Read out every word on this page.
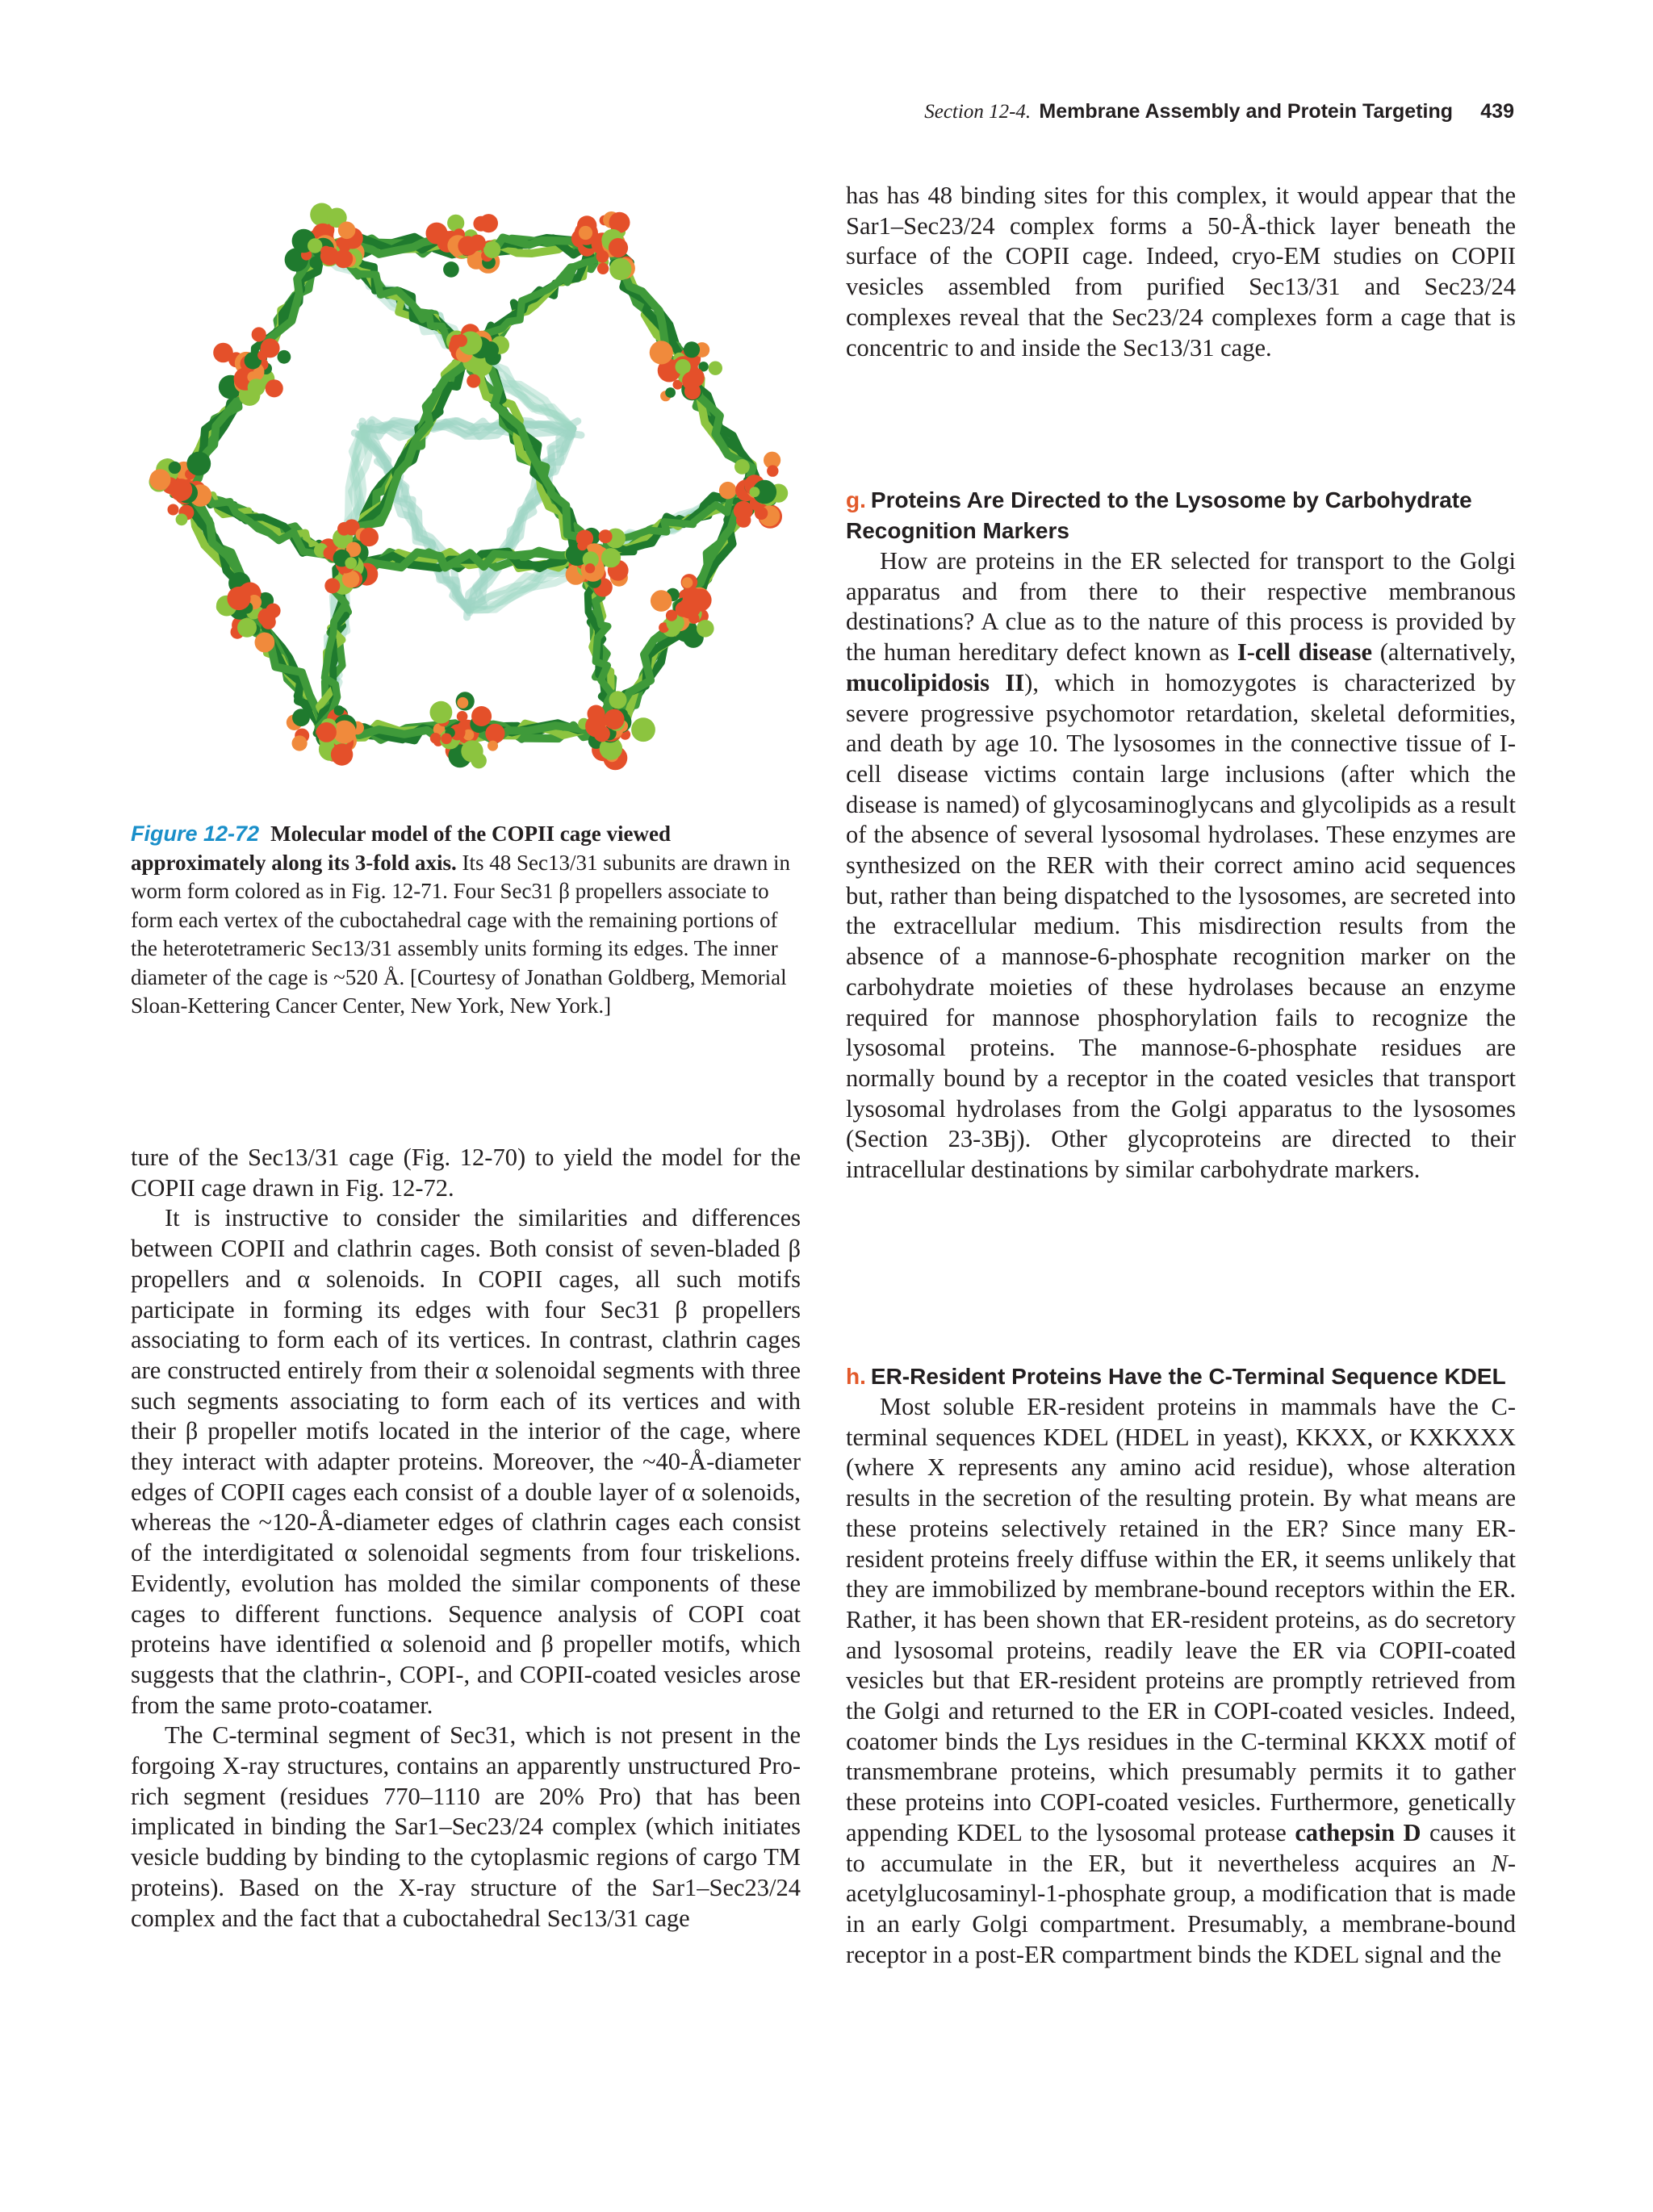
Section 12-4. Membrane Assembly and Protein Targeting 439
Figure 12-72 Molecular model of the COPII cage viewed approximately along its 3-fold axis. Its 48 Sec13/31 subunits are drawn in worm form colored as in Fig. 12-71. Four Sec31 β propellers associate to form each vertex of the cuboctahedral cage with the remaining portions of the heterotetrameric Sec13/31 assembly units forming its edges. The inner diameter of the cage is ~520 Å. [Courtesy of Jonathan Goldberg, Memorial Sloan-Kettering Cancer Center, New York, New York.]

ture of the Sec13/31 cage (Fig. 12-70) to yield the model for the COPII cage drawn in Fig. 12-72.

It is instructive to consider the similarities and differences between COPII and clathrin cages. Both consist of seven-bladed β propellers and α solenoids. In COPII cages, all such motifs participate in forming its edges with four Sec31 β propellers associating to form each of its vertices. In contrast, clathrin cages are constructed entirely from their α solenoidal segments with three such segments associating to form each of its vertices and with their β propeller motifs located in the interior of the cage, where they interact with adapter proteins. Moreover, the ~40-Å-diameter edges of COPII cages each consist of a double layer of α solenoids, whereas the ~120-Å-diameter edges of clathrin cages each consist of the interdigitated α solenoidal segments from four triskelions. Evidently, evolution has molded the similar components of these cages to different functions. Sequence analysis of COPI coat proteins have identified α solenoid and β propeller motifs, which suggests that the clathrin-, COPI-, and COPII-coated vesicles arose from the same proto-coatamer.

The C-terminal segment of Sec31, which is not present in the forgoing X-ray structures, contains an apparently unstructured Pro-rich segment (residues 770–1110 are 20% Pro) that has been implicated in binding the Sar1–Sec23/24 complex (which initiates vesicle budding by binding to the cytoplasmic regions of cargo TM proteins). Based on the X-ray structure of the Sar1–Sec23/24 complex and the fact that a cuboctahedral Sec13/31 cage

has has 48 binding sites for this complex, it would appear that the Sar1–Sec23/24 complex forms a 50-Å-thick layer beneath the surface of the COPII cage. Indeed, cryo-EM studies on COPII vesicles assembled from purified Sec13/31 and Sec23/24 complexes reveal that the Sec23/24 complexes form a cage that is concentric to and inside the Sec13/31 cage.

g. Proteins Are Directed to the Lysosome by Carbohydrate Recognition Markers

How are proteins in the ER selected for transport to the Golgi apparatus and from there to their respective membranous destinations? A clue as to the nature of this process is provided by the human hereditary defect known as I-cell disease (alternatively, mucolipidosis II), which in homozygotes is characterized by severe progressive psychomotor retardation, skeletal deformities, and death by age 10. The lysosomes in the connective tissue of I-cell disease victims contain large inclusions (after which the disease is named) of glycosaminoglycans and glycolipids as a result of the absence of several lysosomal hydrolases. These enzymes are synthesized on the RER with their correct amino acid sequences but, rather than being dispatched to the lysosomes, are secreted into the extracellular medium. This misdirection results from the absence of a mannose-6-phosphate recognition marker on the carbohydrate moieties of these hydrolases because an enzyme required for mannose phosphorylation fails to recognize the lysosomal proteins. The mannose-6-phosphate residues are normally bound by a receptor in the coated vesicles that transport lysosomal hydrolases from the Golgi apparatus to the lysosomes (Section 23-3Bj). Other glycoproteins are directed to their intracellular destinations by similar carbohydrate markers.

h. ER-Resident Proteins Have the C-Terminal Sequence KDEL

Most soluble ER-resident proteins in mammals have the C-terminal sequences KDEL (HDEL in yeast), KKXX, or KXKXXX (where X represents any amino acid residue), whose alteration results in the secretion of the resulting protein. By what means are these proteins selectively retained in the ER? Since many ER-resident proteins freely diffuse within the ER, it seems unlikely that they are immobilized by membrane-bound receptors within the ER. Rather, it has been shown that ER-resident proteins, as do secretory and lysosomal proteins, readily leave the ER via COPII-coated vesicles but that ER-resident proteins are promptly retrieved from the Golgi and returned to the ER in COPI-coated vesicles. Indeed, coatomer binds the Lys residues in the C-terminal KKXX motif of transmembrane proteins, which presumably permits it to gather these proteins into COPI-coated vesicles. Furthermore, genetically appending KDEL to the lysosomal protease cathepsin D causes it to accumulate in the ER, but it nevertheless acquires an N-acetylglucosaminyl-1-phosphate group, a modification that is made in an early Golgi compartment. Presumably, a membrane-bound receptor in a post-ER compartment binds the KDEL signal and the
